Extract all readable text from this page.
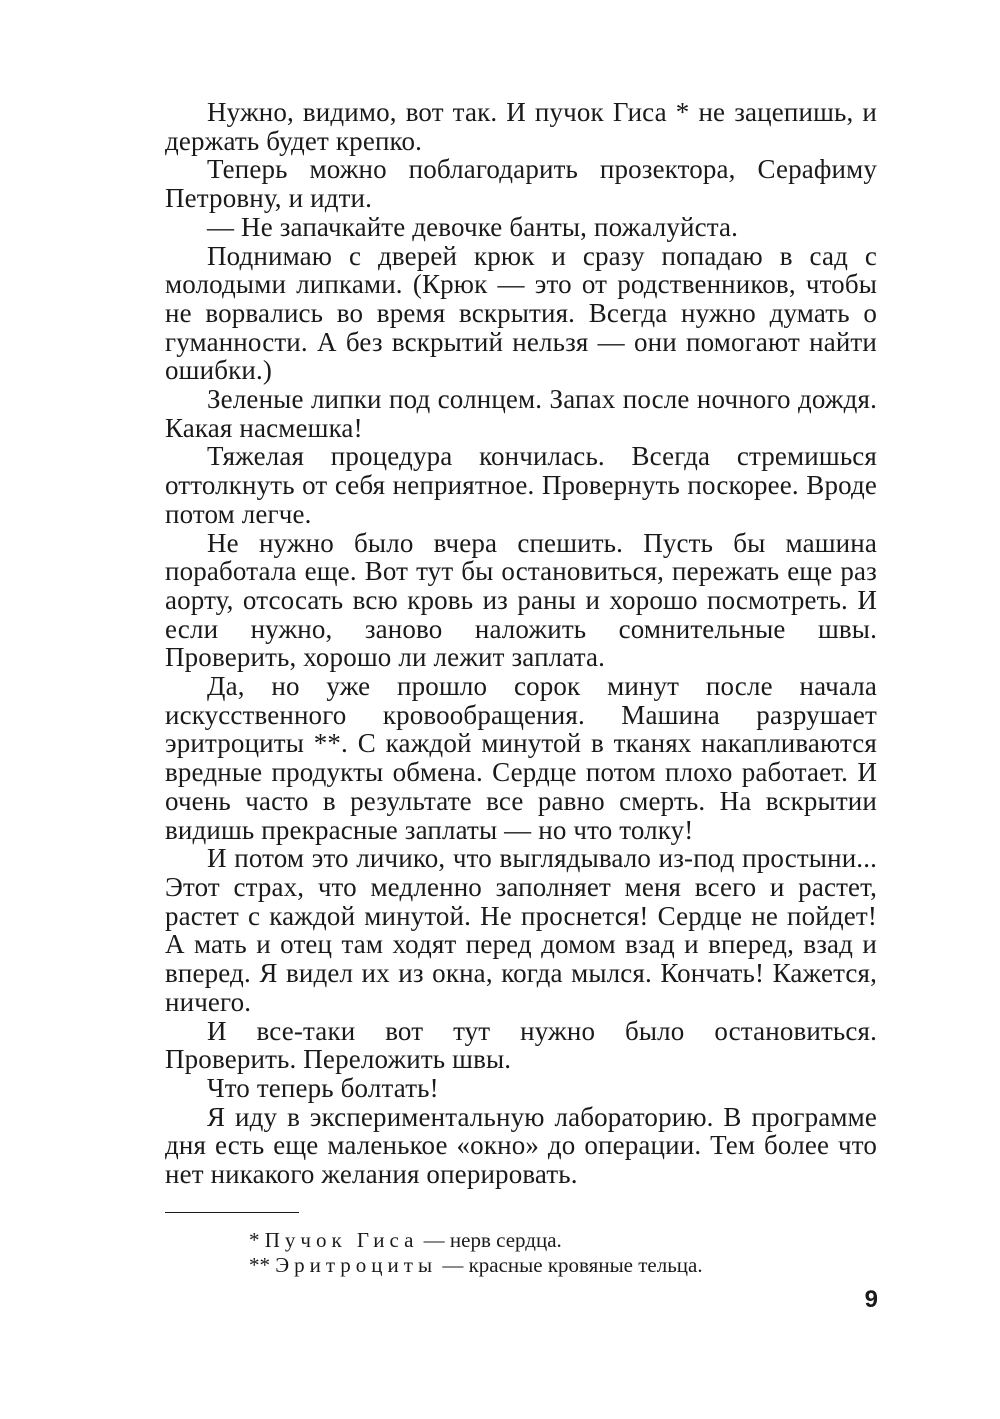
Нужно, видимо, вот так. И пучок Гиса * не зацепишь, и держать будет крепко.

Теперь можно поблагодарить прозектора, Серафиму Петровну, и идти.

— Не запачкайте девочке банты, пожалуйста.

Поднимаю с дверей крюк и сразу попадаю в сад с молодыми липками. (Крюк — это от родственников, чтобы не ворвались во время вскрытия. Всегда нужно думать о гуманности. А без вскрытий нельзя — они помогают найти ошибки.)

Зеленые липки под солнцем. Запах после ночного дождя. Какая насмешка!

Тяжелая процедура кончилась. Всегда стремишься оттолкнуть от себя неприятное. Провернуть поскорее. Вроде потом легче.

Не нужно было вчера спешить. Пусть бы машина поработала еще. Вот тут бы остановиться, пережать еще раз аорту, отсосать всю кровь из раны и хорошо посмотреть. И если нужно, заново наложить сомнительные швы. Проверить, хорошо ли лежит заплата.

Да, но уже прошло сорок минут после начала искусственного кровообращения. Машина разрушает эритроциты **. С каждой минутой в тканях накапливаются вредные продукты обмена. Сердце потом плохо работает. И очень часто в результате все равно смерть. На вскрытии видишь прекрасные заплаты — но что толку!

И потом это личико, что выглядывало из-под простыни... Этот страх, что медленно заполняет меня всего и растет, растет с каждой минутой. Не проснется! Сердце не пойдет! А мать и отец там ходят перед домом взад и вперед, взад и вперед. Я видел их из окна, когда мылся. Кончать! Кажется, ничего.

И все-таки вот тут нужно было остановиться. Проверить. Переложить швы.

Что теперь болтать!

Я иду в экспериментальную лабораторию. В программе дня есть еще маленькое «окно» до операции. Тем более что нет никакого желания оперировать.

* Пучок Гиса — нерв сердца.

** Эритроциты — красные кровяные тельца.

9
